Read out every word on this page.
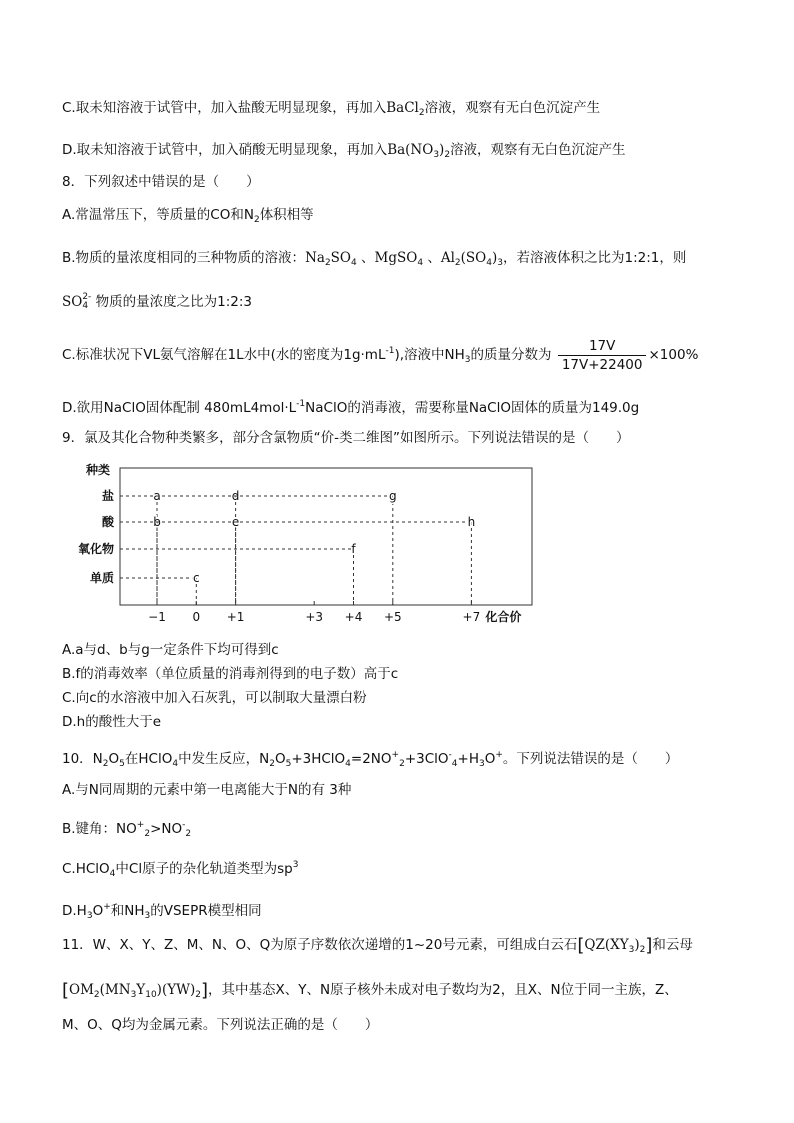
C.取未知溶液于试管中，加入盐酸无明显现象，再加入BaCl$_2$溶液，观察有无白色沉淀产生
D.取未知溶液于试管中，加入硝酸无明显现象，再加入$Ba(NO_3)_2$溶液，观察有无白色沉淀产生
8．下列叙述中错误的是（　　）
A.常温常压下，等质量的CO和$N_2$体积相等
B.物质的量浓度相同的三种物质的溶液：$Na_2SO_4$ 、MgSO$_4$ 、$Al_2(SO_4)_3$，若溶液体积之比为1:2:1，则
SO 2-
4 物质的量浓度之比为1:2:3
C.标准状况下VL氨气溶解在1L水中(水的密度为$1g\cdot mL^{-1}$),溶液中$NH_3$的质量分数为 $\frac{17V}{17V+22400} \times 100\%$
D.欲用NaClO固体配制 $480mL4mol\cdot L^{-1}NaClO$的消毒液，需要称量NaClO固体的质量为149.0g
9．氯及其化合物种类繁多，部分含氯物质“价-类二维图”如图所示。下列说法错误的是（　　）
种类
单质
氧化物
酸
盐
−1 0 +1	+3 +4 +5	+7 化合价
a	d	g
b	e	h
f
c
A.a与d、b与g一定条件下均可得到c
B.f的消毒效率（单位质量的消毒剂得到的电子数）高于c
C.向c的水溶液中加入石灰乳，可以制取大量漂白粉
D.h的酸性大于e
10．$N_2O_5$在HClO$_4$中发生反应，$N_2O_5+3HClO_4=2NO^+_2+3ClO^-_4+H_3O^+$。下列说法错误的是（　　）
A.与N同周期的元素中第一电离能大于N的有 3种
B.键角：$NO^+_2>NO^-_2$
C.HClO$_4$中Cl原子的杂化轨道类型为$sp^3$
$D.H_3O^+$和$NH_3$的VSEPR模型相同
11．W、X、Y、Z、M、N、O、Q为原子序数依次递增的1~20号元素，可组成白云石$[QZ(XY_3)_2]$和云母
$[OM_2(MN_3Y_{10})(YW)_2]$，其中基态X、Y、N原子核外未成对电子数均为2，且X、N位于同一主族，Z、
M、O、Q均为金属元素。下列说法正确的是（　　）
